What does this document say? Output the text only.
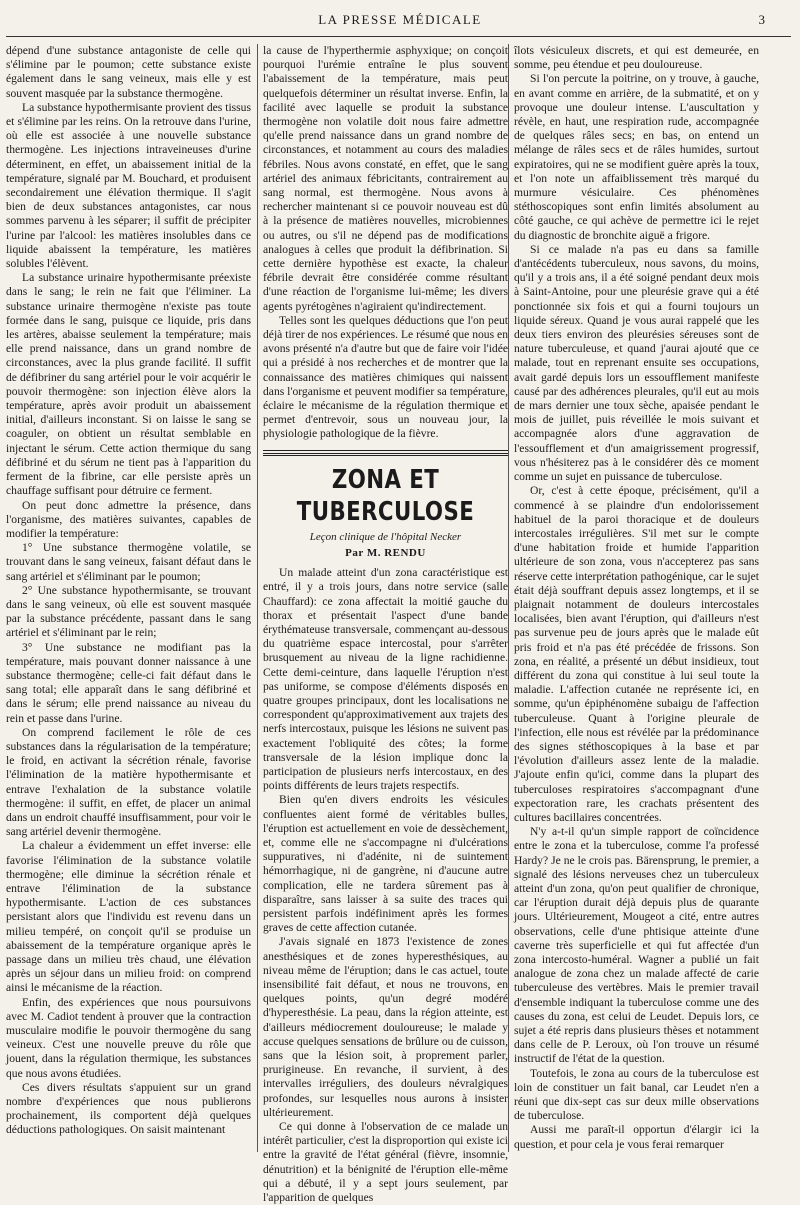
LA PRESSE MÉDICALE	3

dépend d'une substance antagoniste de celle qui s'élimine par le poumon; cette substance existe également dans le sang veineux, mais elle y est souvent masquée par la substance thermogène.

La substance hypothermisante provient des tissus et s'élimine par les reins. On la retrouve dans l'urine, où elle est associée à une nouvelle substance thermogène. Les injections intraveineuses d'urine déterminent, en effet, un abaissement initial de la température, signalé par M. Bouchard, et produisent secondairement une élévation thermique. Il s'agit bien de deux substances antagonistes, car nous sommes parvenu à les séparer; il suffit de précipiter l'urine par l'alcool: les matières insolubles dans ce liquide abaissent la température, les matières solubles l'élèvent.

La substance urinaire hypothermisante préexiste dans le sang; le rein ne fait que l'éliminer. La substance urinaire thermogène n'existe pas toute formée dans le sang, puisque ce liquide, pris dans les artères, abaisse seulement la température; mais elle prend naissance, dans un grand nombre de circonstances, avec la plus grande facilité. Il suffit de défibriner du sang artériel pour le voir acquérir le pouvoir thermogène: son injection élève alors la température, après avoir produit un abaissement initial, d'ailleurs inconstant. Si on laisse le sang se coaguler, on obtient un résultat semblable en injectant le sérum. Cette action thermique du sang défibriné et du sérum ne tient pas à l'apparition du ferment de la fibrine, car elle persiste après un chauffage suffisant pour détruire ce ferment.

On peut donc admettre la présence, dans l'organisme, des matières suivantes, capables de modifier la température:

1° Une substance thermogène volatile, se trouvant dans le sang veineux, faisant défaut dans le sang artériel et s'éliminant par le poumon;

2° Une substance hypothermisante, se trouvant dans le sang veineux, où elle est souvent masquée par la substance précédente, passant dans le sang artériel et s'éliminant par le rein;

3° Une substance ne modifiant pas la température, mais pouvant donner naissance à une substance thermogène; celle-ci fait défaut dans le sang total; elle apparaît dans le sang défibriné et dans le sérum; elle prend naissance au niveau du rein et passe dans l'urine.

On comprend facilement le rôle de ces substances dans la régularisation de la température; le froid, en activant la sécrétion rénale, favorise l'élimination de la matière hypothermisante et entrave l'exhalation de la substance volatile thermogène: il suffit, en effet, de placer un animal dans un endroit chauffé insuffisamment, pour voir le sang artériel devenir thermogène.

La chaleur a évidemment un effet inverse: elle favorise l'élimination de la substance volatile thermogène; elle diminue la sécrétion rénale et entrave l'élimination de la substance hypothermisante. L'action de ces substances persistant alors que l'individu est revenu dans un milieu tempéré, on conçoit qu'il se produise un abaissement de la température organique après le passage dans un milieu très chaud, une élévation après un séjour dans un milieu froid: on comprend ainsi le mécanisme de la réaction.

Enfin, des expériences que nous poursuivons avec M. Cadiot tendent à prouver que la contraction musculaire modifie le pouvoir thermogène du sang veineux. C'est une nouvelle preuve du rôle que jouent, dans la régulation thermique, les substances que nous avons étudiées.

Ces divers résultats s'appuient sur un grand nombre d'expériences que nous publierons prochainement, ils comportent déjà quelques déductions pathologiques. On saisit maintenant

la cause de l'hyperthermie asphyxique; on conçoit pourquoi l'urémie entraîne le plus souvent l'abaissement de la température, mais peut quelquefois déterminer un résultat inverse. Enfin, la facilité avec laquelle se produit la substance thermogène non volatile doit nous faire admettre qu'elle prend naissance dans un grand nombre de circonstances, et notamment au cours des maladies fébriles. Nous avons constaté, en effet, que le sang artériel des animaux fébricitants, contrairement au sang normal, est thermogène. Nous avons à rechercher maintenant si ce pouvoir nouveau est dû à la présence de matières nouvelles, microbiennes ou autres, ou s'il ne dépend pas de modifications analogues à celles que produit la défibrination. Si cette dernière hypothèse est exacte, la chaleur fébrile devrait être considérée comme résultant d'une réaction de l'organisme lui-même; les divers agents pyrétogènes n'agiraient qu'indirectement.

Telles sont les quelques déductions que l'on peut déjà tirer de nos expériences. Le résumé que nous en avons présenté n'a d'autre but que de faire voir l'idée qui a présidé à nos recherches et de montrer que la connaissance des matières chimiques qui naissent dans l'organisme et peuvent modifier sa température, éclaire le mécanisme de la régulation thermique et permet d'entrevoir, sous un nouveau jour, la physiologie pathologique de la fièvre.

ZONA ET TUBERCULOSE

Leçon clinique de l'hôpital Necker

Par M. RENDU

Un malade atteint d'un zona caractéristique est entré, il y a trois jours, dans notre service (salle Chauffard): ce zona affectait la moitié gauche du thorax et présentait l'aspect d'une bande érythémateuse transversale, commençant au-dessous du quatrième espace intercostal, pour s'arrêter brusquement au niveau de la ligne rachidienne. Cette demi-ceinture, dans laquelle l'éruption n'est pas uniforme, se compose d'éléments disposés en quatre groupes principaux, dont les localisations ne correspondent qu'approximativement aux trajets des nerfs intercostaux, puisque les lésions ne suivent pas exactement l'obliquité des côtes; la forme transversale de la lésion implique donc la participation de plusieurs nerfs intercostaux, en des points différents de leurs trajets respectifs.

Bien qu'en divers endroits les vésicules confluentes aient formé de véritables bulles, l'éruption est actuellement en voie de dessèchement, et, comme elle ne s'accompagne ni d'ulcérations suppuratives, ni d'adénite, ni de suintement hémorrhagique, ni de gangrène, ni d'aucune autre complication, elle ne tardera sûrement pas à disparaître, sans laisser à sa suite des traces qui persistent parfois indéfiniment après les formes graves de cette affection cutanée.

J'avais signalé en 1873 l'existence de zones anesthésiques et de zones hyperesthésiques, au niveau même de l'éruption; dans le cas actuel, toute insensibilité fait défaut, et nous ne trouvons, en quelques points, qu'un degré modéré d'hyperesthésie. La peau, dans la région atteinte, est d'ailleurs médiocrement douloureuse; le malade y accuse quelques sensations de brûlure ou de cuisson, sans que la lésion soit, à proprement parler, prurigineuse. En revanche, il survient, à des intervalles irréguliers, des douleurs névralgiques profondes, sur lesquelles nous aurons à insister ultérieurement.

Ce qui donne à l'observation de ce malade un intérêt particulier, c'est la disproportion qui existe ici entre la gravité de l'état général (fièvre, insomnie, dénutrition) et la bénignité de l'éruption elle-même qui a débuté, il y a sept jours seulement, par l'apparition de quelques

îlots vésiculeux discrets, et qui est demeurée, en somme, peu étendue et peu douloureuse.

Si l'on percute la poitrine, on y trouve, à gauche, en avant comme en arrière, de la submatité, et on y provoque une douleur intense. L'auscultation y révèle, en haut, une respiration rude, accompagnée de quelques râles secs; en bas, on entend un mélange de râles secs et de râles humides, surtout expiratoires, qui ne se modifient guère après la toux, et l'on note un affaiblissement très marqué du murmure vésiculaire. Ces phénomènes stéthoscopiques sont enfin limités absolument au côté gauche, ce qui achève de permettre ici le rejet du diagnostic de bronchite aiguë a frigore.

Si ce malade n'a pas eu dans sa famille d'antécédents tuberculeux, nous savons, du moins, qu'il y a trois ans, il a été soigné pendant deux mois à Saint-Antoine, pour une pleurésie grave qui a été ponctionnée six fois et qui a fourni toujours un liquide séreux. Quand je vous aurai rappelé que les deux tiers environ des pleurésies séreuses sont de nature tuberculeuse, et quand j'aurai ajouté que ce malade, tout en reprenant ensuite ses occupations, avait gardé depuis lors un essoufflement manifeste causé par des adhérences pleurales, qu'il eut au mois de mars dernier une toux sèche, apaisée pendant le mois de juillet, puis réveillée le mois suivant et accompagnée alors d'une aggravation de l'essoufflement et d'un amaigrissement progressif, vous n'hésiterez pas à le considérer dès ce moment comme un sujet en puissance de tuberculose.

Or, c'est à cette époque, précisément, qu'il a commencé à se plaindre d'un endolorissement habituel de la paroi thoracique et de douleurs intercostales irrégulières. S'il met sur le compte d'une habitation froide et humide l'apparition ultérieure de son zona, vous n'accepterez pas sans réserve cette interprétation pathogénique, car le sujet était déjà souffrant depuis assez longtemps, et il se plaignait notamment de douleurs intercostales localisées, bien avant l'éruption, qui d'ailleurs n'est pas survenue peu de jours après que le malade eût pris froid et n'a pas été précédée de frissons. Son zona, en réalité, a présenté un début insidieux, tout différent du zona qui constitue à lui seul toute la maladie. L'affection cutanée ne représente ici, en somme, qu'un épiphénomène subaigu de l'affection tuberculeuse. Quant à l'origine pleurale de l'infection, elle nous est révélée par la prédominance des signes stéthoscopiques à la base et par l'évolution d'ailleurs assez lente de la maladie. J'ajoute enfin qu'ici, comme dans la plupart des tuberculoses respiratoires s'accompagnant d'une expectoration rare, les crachats présentent des cultures bacillaires concentrées.

N'y a-t-il qu'un simple rapport de coïncidence entre le zona et la tuberculose, comme l'a professé Hardy? Je ne le crois pas. Bärensprung, le premier, a signalé des lésions nerveuses chez un tuberculeux atteint d'un zona, qu'on peut qualifier de chronique, car l'éruption durait déjà depuis plus de quarante jours. Ultérieurement, Mougeot a cité, entre autres observations, celle d'une phtisique atteinte d'une caverne très superficielle et qui fut affectée d'un zona intercosto-huméral. Wagner a publié un fait analogue de zona chez un malade affecté de carie tuberculeuse des vertèbres. Mais le premier travail d'ensemble indiquant la tuberculose comme une des causes du zona, est celui de Leudet. Depuis lors, ce sujet a été repris dans plusieurs thèses et notamment dans celle de P. Leroux, où l'on trouve un résumé instructif de l'état de la question.

Toutefois, le zona au cours de la tuberculose est loin de constituer un fait banal, car Leudet n'en a réuni que dix-sept cas sur deux mille observations de tuberculose.

Aussi me paraît-il opportun d'élargir ici la question, et pour cela je vous ferai remarquer
